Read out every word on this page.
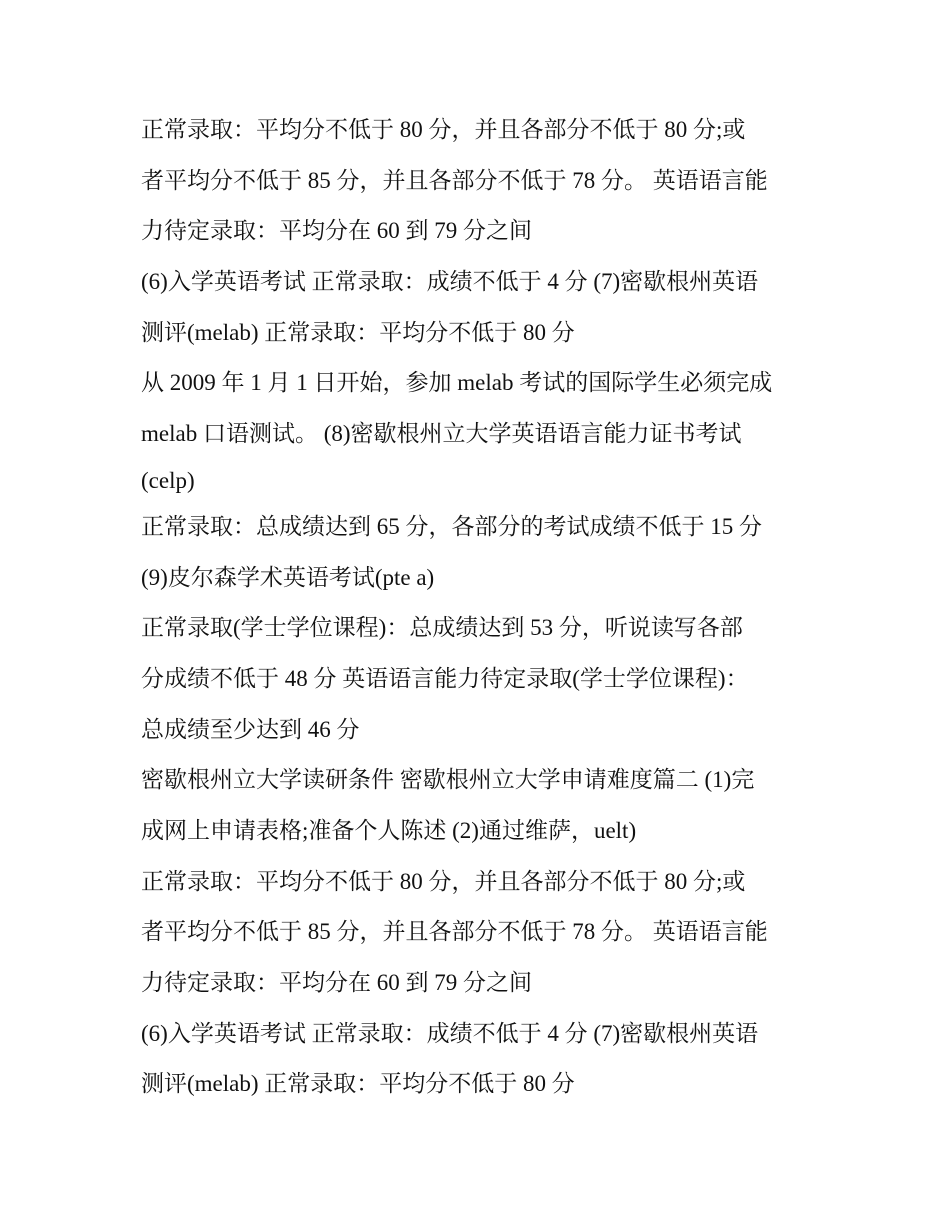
正常录取：平均分不低于 80 分，并且各部分不低于 80 分;或
者平均分不低于 85 分，并且各部分不低于 78 分。 英语语言能
力待定录取：平均分在 60 到 79 分之间
(6)入学英语考试 正常录取：成绩不低于 4 分 (7)密歇根州英语
测评(melab) 正常录取：平均分不低于 80 分
从 2009 年 1 月 1 日开始，参加 melab 考试的国际学生必须完成
melab 口语测试。 (8)密歇根州立大学英语语言能力证书考试
(celp)
正常录取：总成绩达到 65 分，各部分的考试成绩不低于 15 分
(9)皮尔森学术英语考试(pte a)
正常录取(学士学位课程)：总成绩达到 53 分，听说读写各部
分成绩不低于 48 分 英语语言能力待定录取(学士学位课程)：
总成绩至少达到 46 分
密歇根州立大学读研条件 密歇根州立大学申请难度篇二 (1)完
成网上申请表格;准备个人陈述 (2)通过维萨，uelt)
正常录取：平均分不低于 80 分，并且各部分不低于 80 分;或
者平均分不低于 85 分，并且各部分不低于 78 分。 英语语言能
力待定录取：平均分在 60 到 79 分之间
(6)入学英语考试 正常录取：成绩不低于 4 分 (7)密歇根州英语
测评(melab) 正常录取：平均分不低于 80 分
